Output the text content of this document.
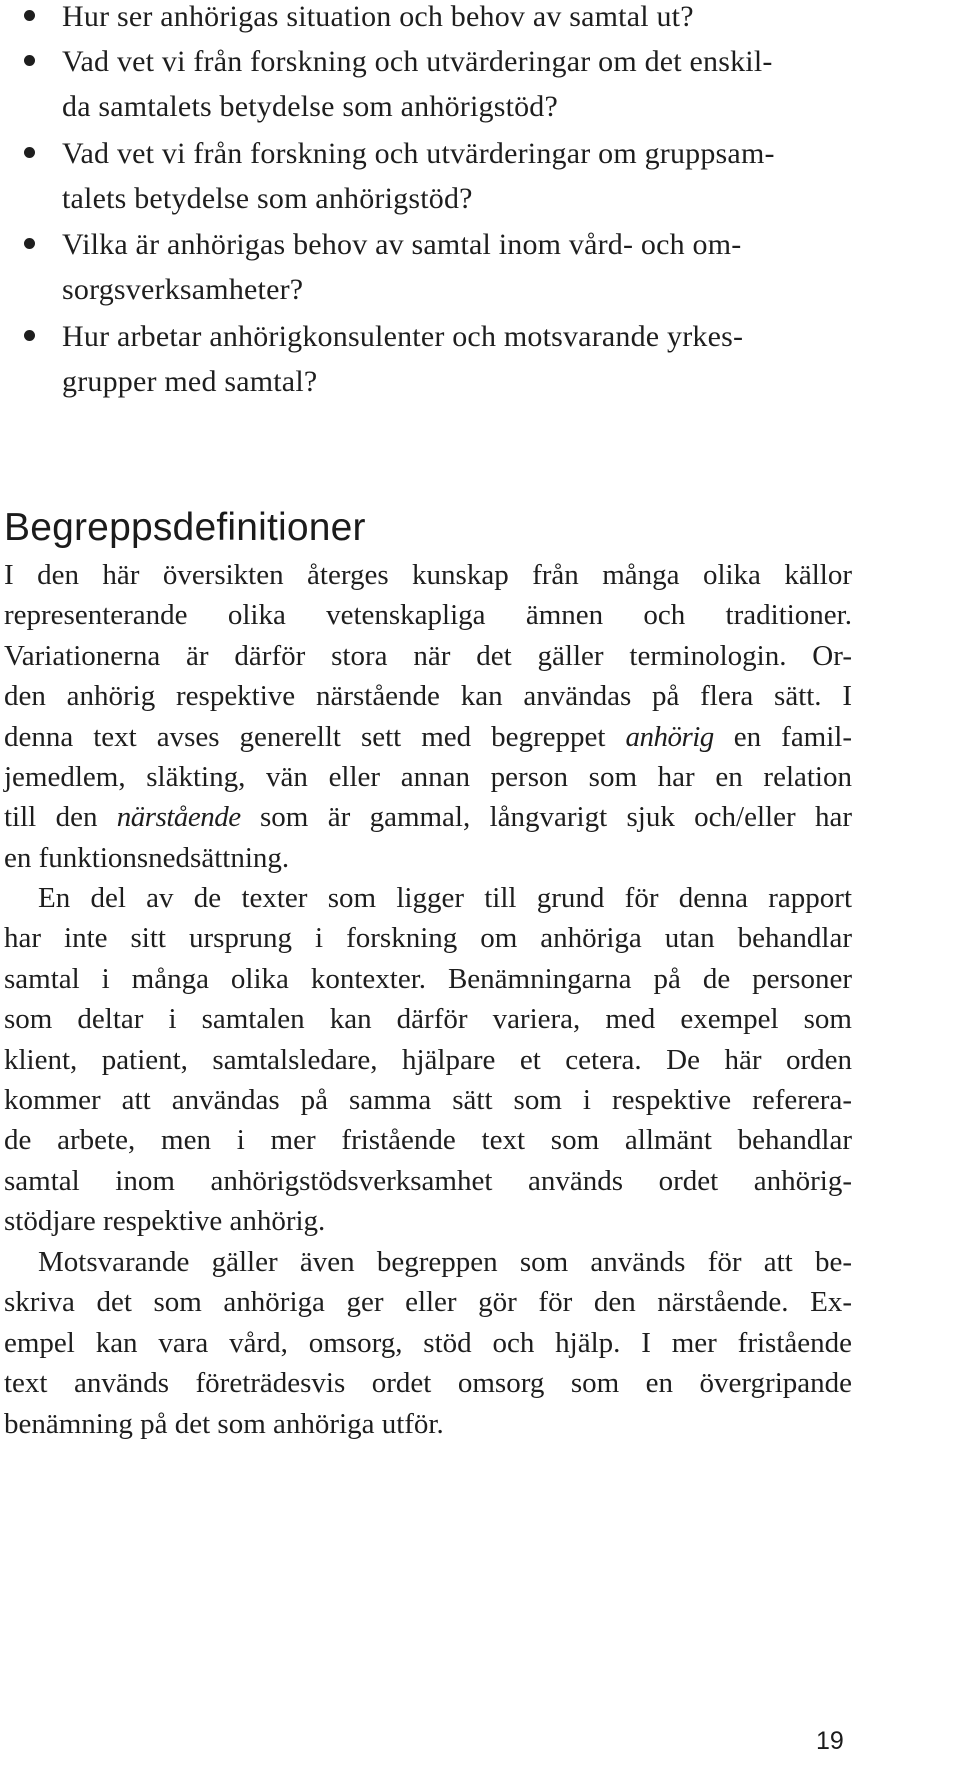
Hur ser anhörigas situation och behov av samtal ut?
Vad vet vi från forskning och utvärderingar om det enskil-
da samtalets betydelse som anhörigstöd?
Vad vet vi från forskning och utvärderingar om gruppsam-
talets betydelse som anhörigstöd?
Vilka är anhörigas behov av samtal inom vård- och om-
sorgsverksamheter?
Hur arbetar anhörigkonsulenter och motsvarande yrkes-
grupper med samtal?
Begreppsdefinitioner
I den här översikten återges kunskap från många olika källor
representerande olika vetenskapliga ämnen och traditioner.
Variationerna är därför stora när det gäller terminologin. Or-
den anhörig respektive närstående kan användas på flera sätt. I
denna text avses generellt sett med begreppet anhörig en famil-
jemedlem, släkting, vän eller annan person som har en relation
till den närstående som är gammal, långvarigt sjuk och/eller har
en funktionsnedsättning.
En del av de texter som ligger till grund för denna rapport
har inte sitt ursprung i forskning om anhöriga utan behandlar
samtal i många olika kontexter. Benämningarna på de personer
som deltar i samtalen kan därför variera, med exempel som
klient, patient, samtalsledare, hjälpare et cetera. De här orden
kommer att användas på samma sätt som i respektive referera-
de arbete, men i mer fristående text som allmänt behandlar
samtal inom anhörigstödsverksamhet används ordet anhörig-
stödjare respektive anhörig.
Motsvarande gäller även begreppen som används för att be-
skriva det som anhöriga ger eller gör för den närstående. Ex-
empel kan vara vård, omsorg, stöd och hjälp. I mer fristående
text används företrädesvis ordet omsorg som en övergripande
benämning på det som anhöriga utför.
19
